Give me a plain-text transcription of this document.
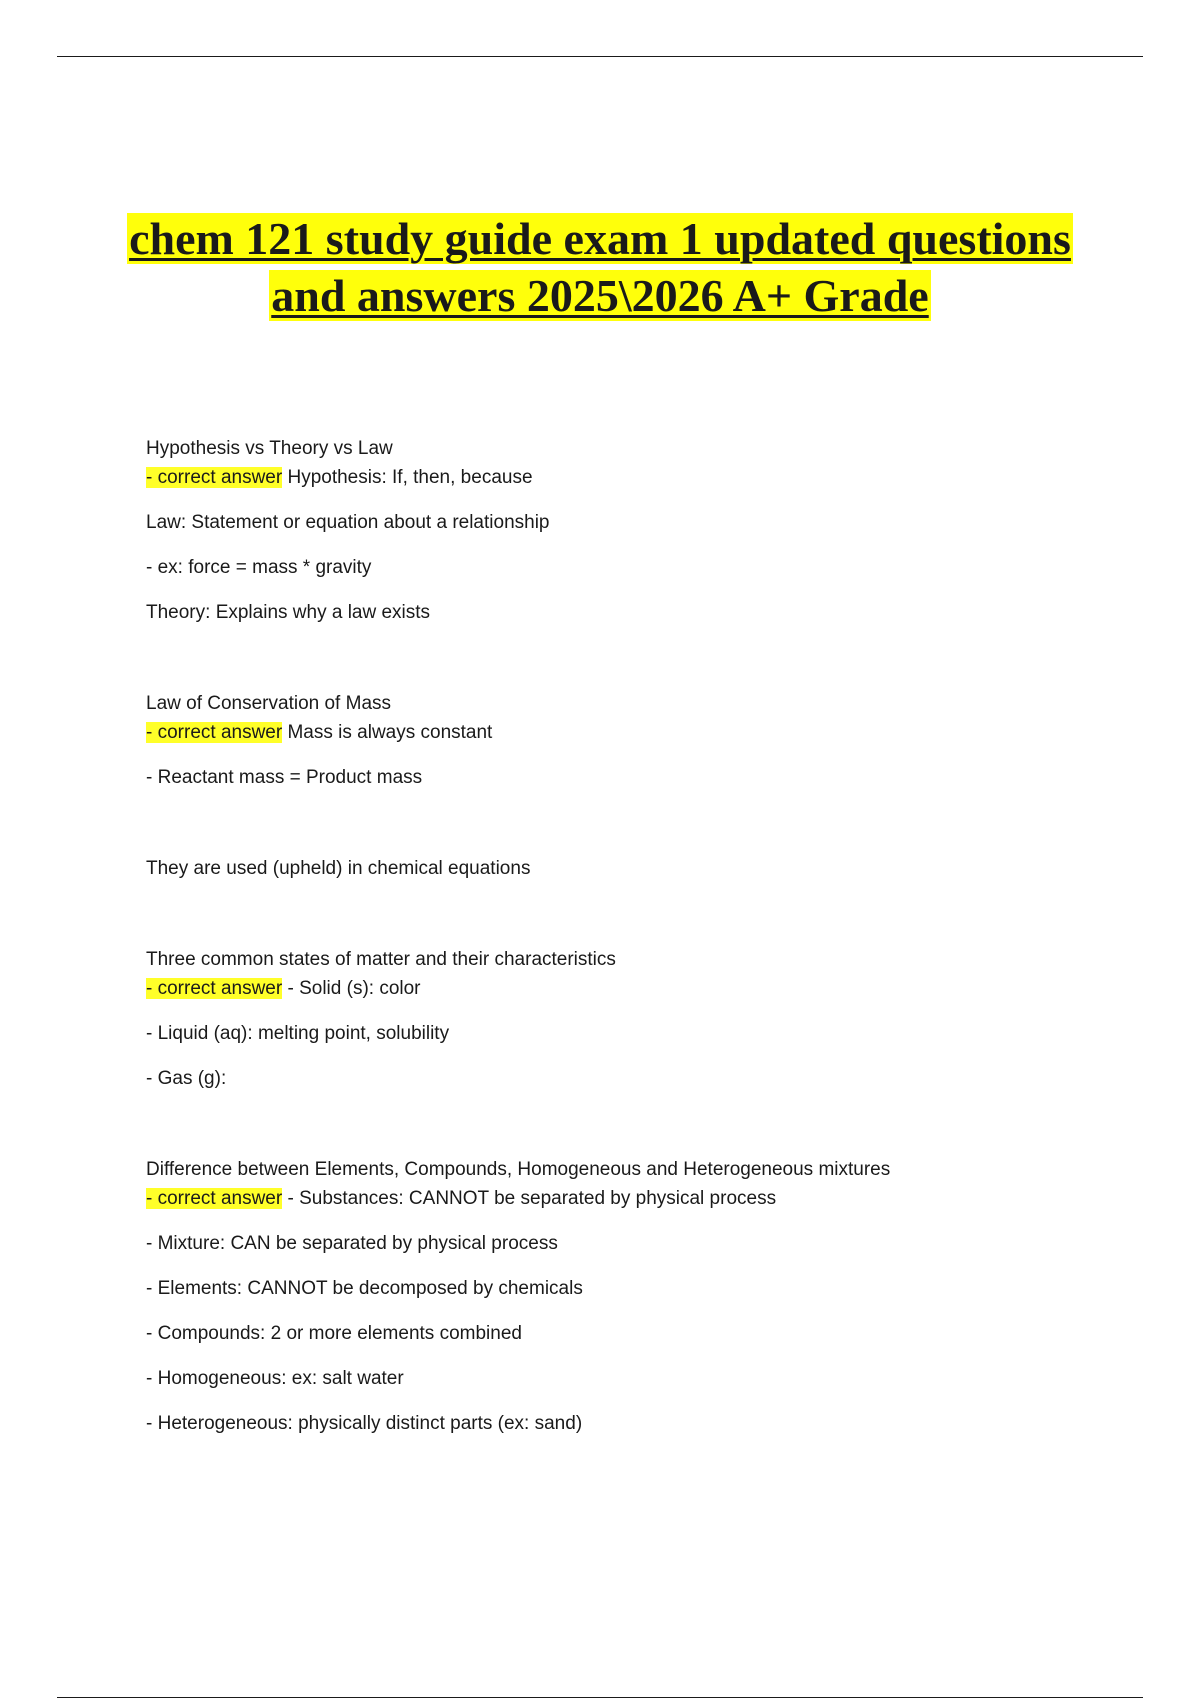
chem 121 study guide exam 1 updated questions
and answers 2025\2026 A+ Grade

Hypothesis vs Theory vs Law

- correct answer Hypothesis: If, then, because

Law: Statement or equation about a relationship

- ex: force = mass * gravity

Theory: Explains why a law exists

Law of Conservation of Mass

- correct answer Mass is always constant

- Reactant mass = Product mass

They are used (upheld) in chemical equations

Three common states of matter and their characteristics

- correct answer - Solid (s): color

- Liquid (aq): melting point, solubility

- Gas (g):

Difference between Elements, Compounds, Homogeneous and Heterogeneous mixtures

- correct answer - Substances: CANNOT be separated by physical process

- Mixture: CAN be separated by physical process

- Elements: CANNOT be decomposed by chemicals

- Compounds: 2 or more elements combined

- Homogeneous: ex: salt water

- Heterogeneous: physically distinct parts (ex: sand)
